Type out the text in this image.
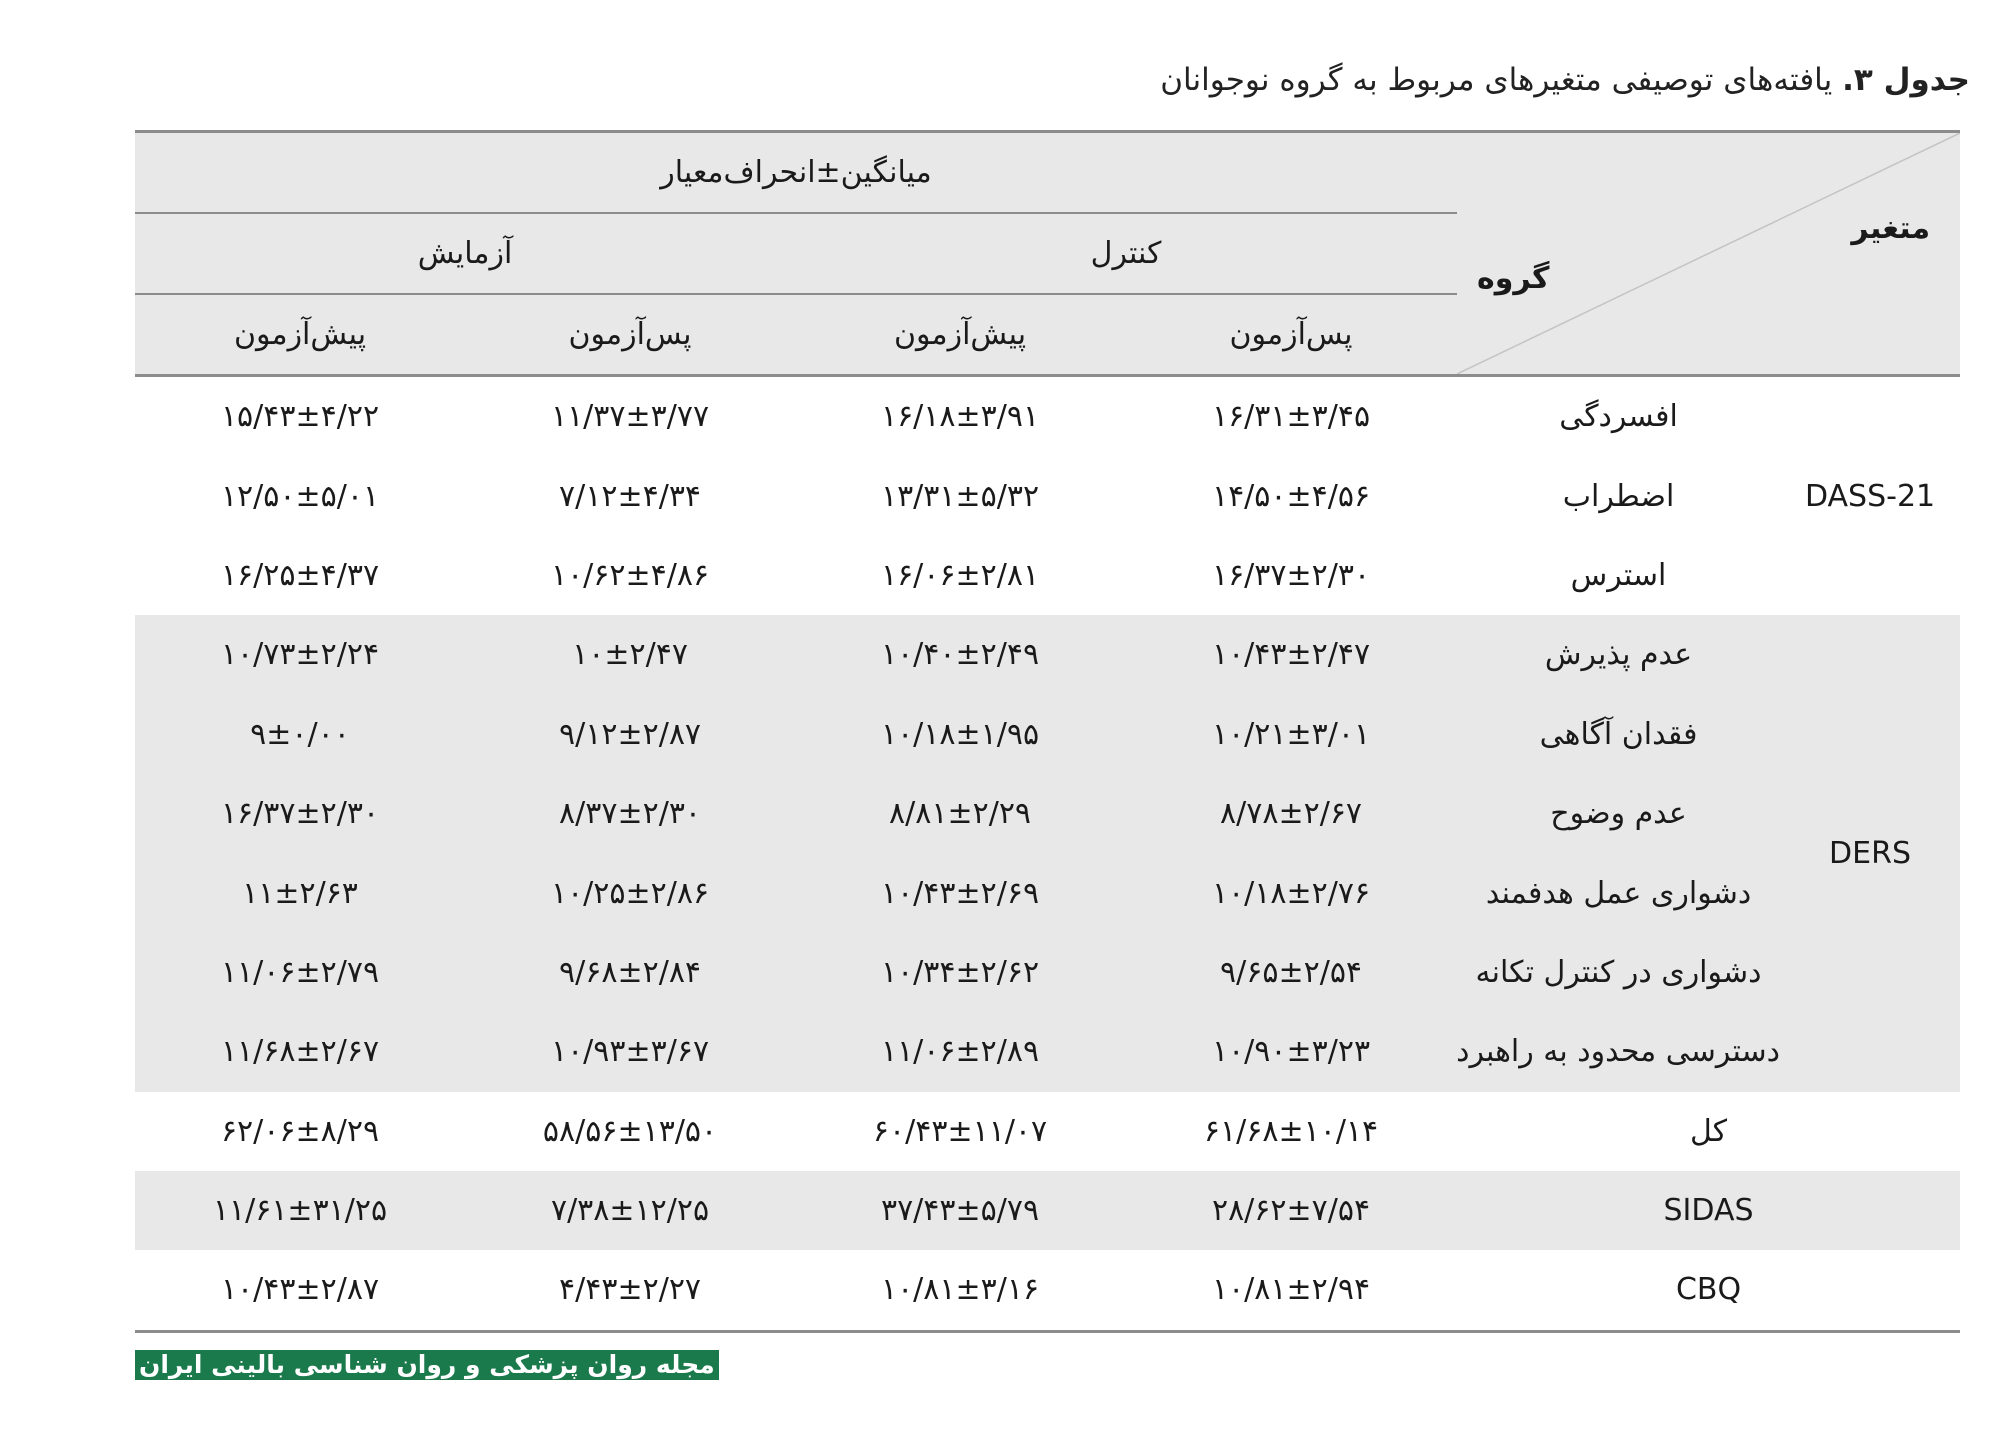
جدول ۳. یافته‌های توصیفی متغیرهای مربوط به گروه نوجوانان
متغیر
گروه		میانگین±انحراف‌معیار			
		کنترل		آزمایش	
		پس‌آزمون	پیش‌آزمون	پس‌آزمون	پیش‌آزمون
DASS-21	افسردگی	۱۶/۳۱±۳/۴۵	۱۶/۱۸±۳/۹۱	۱۱/۳۷±۳/۷۷	۱۵/۴۳±۴/۲۲
	اضطراب	۱۴/۵۰±۴/۵۶	۱۳/۳۱±۵/۳۲	۷/۱۲±۴/۳۴	۱۲/۵۰±۵/۰۱
	استرس	۱۶/۳۷±۲/۳۰	۱۶/۰۶±۲/۸۱	۱۰/۶۲±۴/۸۶	۱۶/۲۵±۴/۳۷
DERS	عدم پذیرش	۱۰/۴۳±۲/۴۷	۱۰/۴۰±۲/۴۹	۱۰±۲/۴۷	۱۰/۷۳±۲/۲۴
	فقدان آگاهی	۱۰/۲۱±۳/۰۱	۱۰/۱۸±۱/۹۵	۹/۱۲±۲/۸۷	۹±۰/۰۰
	عدم وضوح	۸/۷۸±۲/۶۷	۸/۸۱±۲/۲۹	۸/۳۷±۲/۳۰	۱۶/۳۷±۲/۳۰
	دشواری عمل هدفمند	۱۰/۱۸±۲/۷۶	۱۰/۴۳±۲/۶۹	۱۰/۲۵±۲/۸۶	۱۱±۲/۶۳
	دشواری در کنترل تکانه	۹/۶۵±۲/۵۴	۱۰/۳۴±۲/۶۲	۹/۶۸±۲/۸۴	۱۱/۰۶±۲/۷۹
	دسترسی محدود به راهبرد	۱۰/۹۰±۳/۲۳	۱۱/۰۶±۲/۸۹	۱۰/۹۳±۳/۶۷	۱۱/۶۸±۲/۶۷
کل		۶۱/۶۸±۱۰/۱۴	۶۰/۴۳±۱۱/۰۷	۵۸/۵۶±۱۳/۵۰	۶۲/۰۶±۸/۲۹
SIDAS		۲۸/۶۲±۷/۵۴	۳۷/۴۳±۵/۷۹	۷/۳۸±۱۲/۲۵	۱۱/۶۱±۳۱/۲۵
CBQ		۱۰/۸۱±۲/۹۴	۱۰/۸۱±۳/۱۶	۴/۴۳±۲/۲۷	۱۰/۴۳±۲/۸۷
مجله روان پزشکی و روان شناسی بالینی ایران
